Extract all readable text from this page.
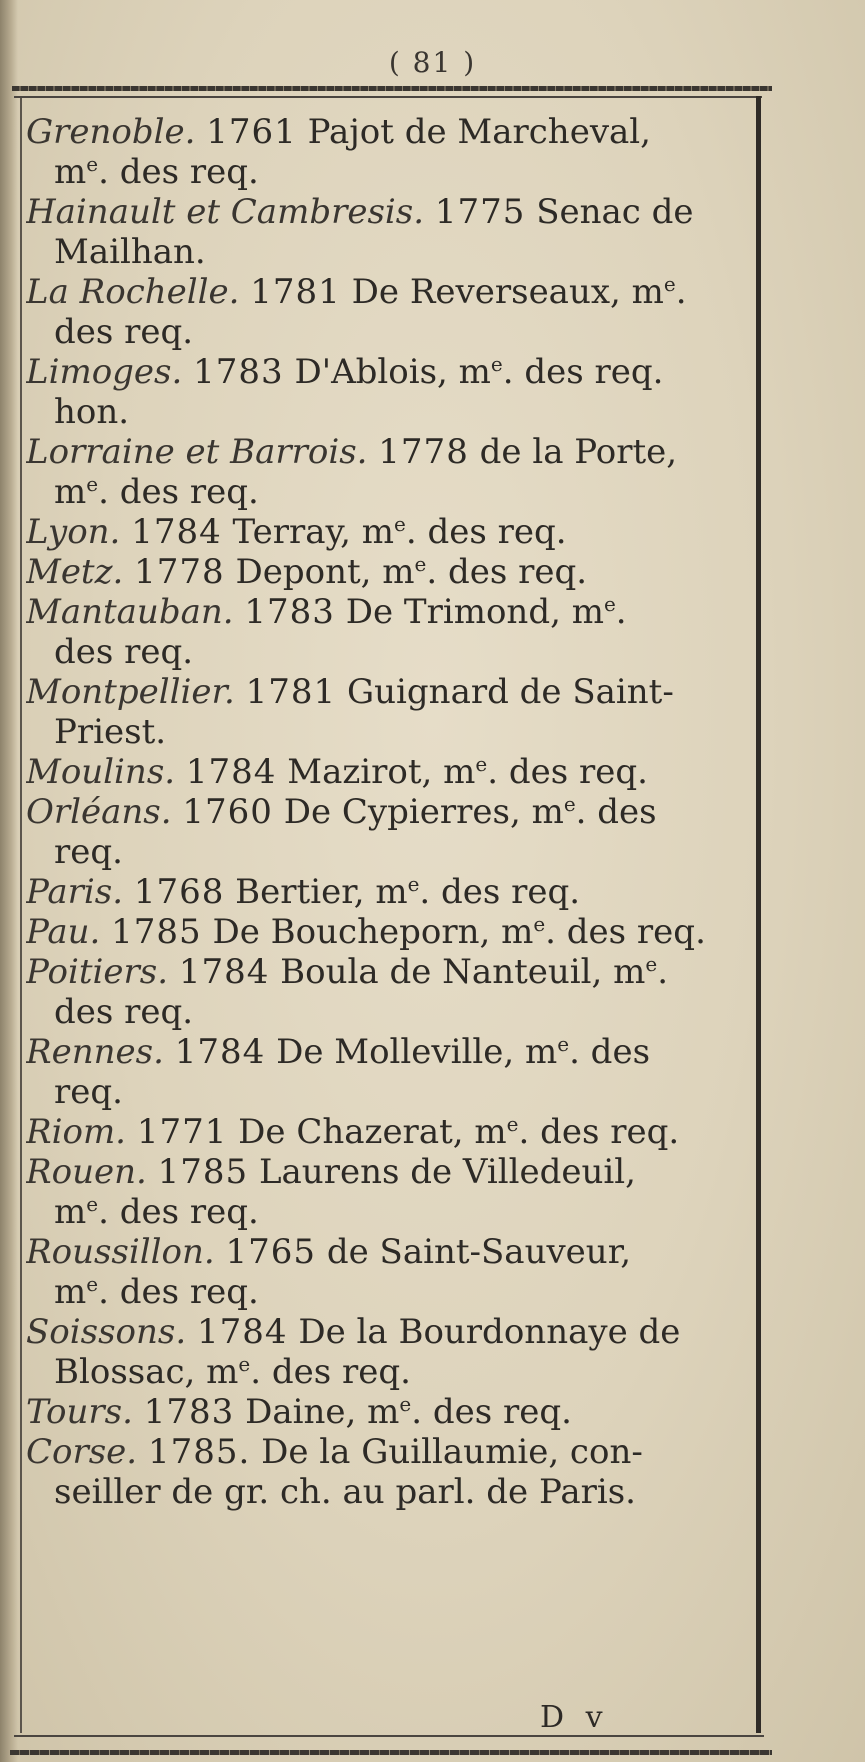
( 81 )
Grenoble. 1761 Pajot de Marcheval,
$m^e$. des req.
Hainault et Cambresis. 1775 Senac de
Mailhan.
La Rochelle. 1781 De Reverseaux, $m^e$.
des req.
Limoges. 1783 D'Ablois, $m^e$. des req.
hon.
Lorraine et Barrois. 1778 de la Porte,
$m^e$. des req.
Lyon. 1784 Terray, $m^e$. des req.
Metz. 1778 Depont, $m^e$. des req.
Mantauban. 1783 De Trimond, $m^e$.
des req.
Montpellier. 1781 Guignard de Saint-
Priest.
Moulins. 1784 Mazirot, $m^e$. des req.
Orléans. 1760 De Cypierres, $m^e$. des
req.
Paris. 1768 Bertier, $m^e$. des req.
Pau. 1785 De Boucheporn, $m^e$. des req.
Poitiers. 1784 Boula de Nanteuil, $m^e$.
des req.
Rennes. 1784 De Molleville, $m^e$. des
req.
Riom. 1771 De Chazerat, $m^e$. des req.
Rouen. 1785 Laurens de Villedeuil,
$m^e$. des req.
Roussillon. 1765 de Saint-Sauveur,
$m^e$. des req.
Soissons. 1784 De la Bourdonnaye de
Blossac, $m^e$. des req.
Tours. 1783 Daine, $m^e$. des req.
Corse. 1785. De la Guillaumie, con-
seiller de gr. ch. au parl. de Paris.
D v
